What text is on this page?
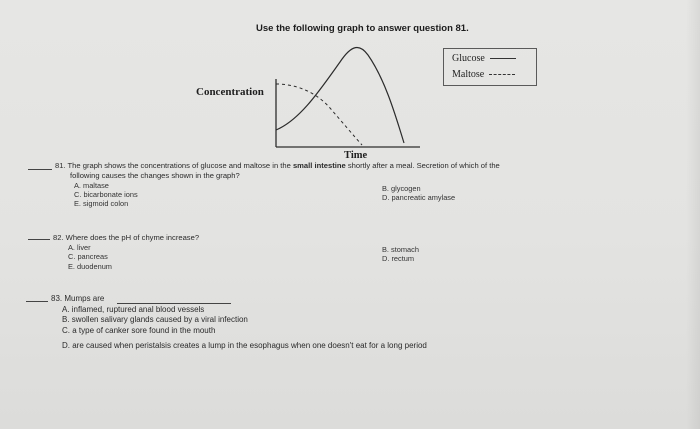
Use the following graph to answer question 81.
Concentration
Time
Glucose
Maltose
81. The graph shows the concentrations of glucose and maltose in the small intestine shortly after a meal. Secretion of which of the
following causes the changes shown in the graph?
A. maltase	B. glycogen
C. bicarbonate ions	D. pancreatic amylase
E. sigmoid colon
82. Where does the pH of chyme increase?
A. liver	B. stomach
C. pancreas	D. rectum
E. duodenum
83. Mumps are
A. inflamed, ruptured anal blood vessels
B. swollen salivary glands caused by a viral infection
C. a type of canker sore found in the mouth
D. are caused when peristalsis creates a lump in the esophagus when one doesn't eat for a long period
